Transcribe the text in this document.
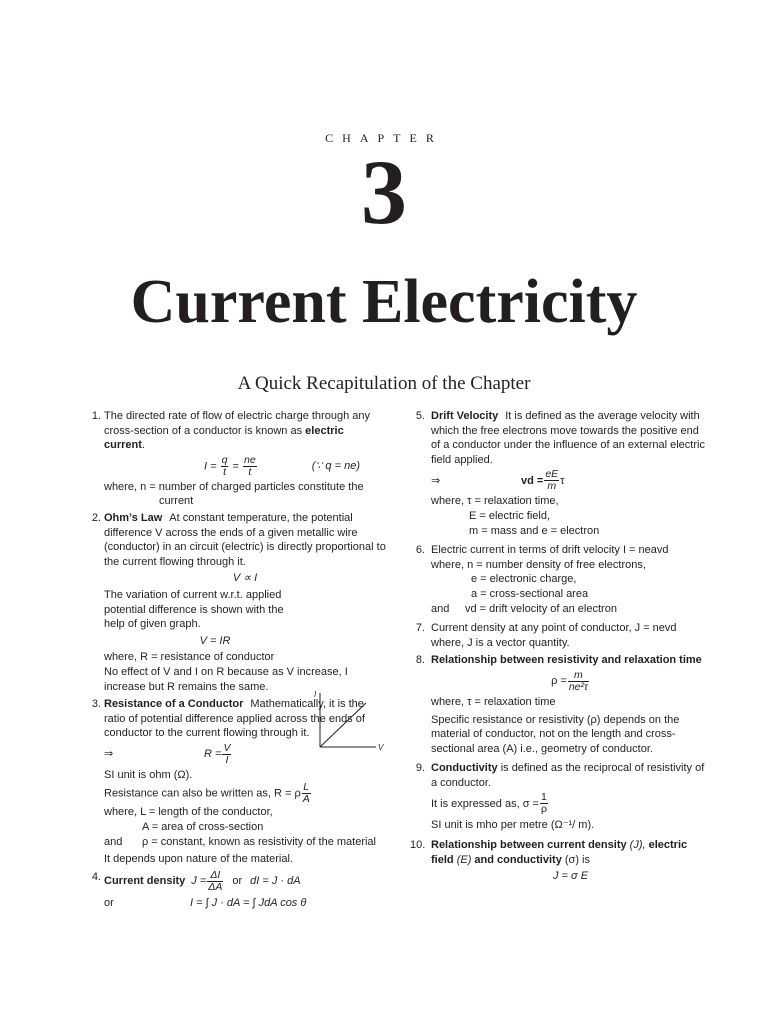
CHAPTER
3
Current Electricity
A Quick Recapitulation of the Chapter
1. The directed rate of flow of electric charge through any cross-section of a conductor is known as electric current.

$I = \frac{q}{t} = \frac{ne}{t}$	(∵ q = ne)

where, n = number of charged particles constitute the

current

2. Ohm’s Law At constant temperature, the potential difference V across the ends of a given metallic wire (conductor) in an circuit (electric) is directly proportional to the current flowing through it.

V ∝ I

The variation of current w.r.t. applied potential difference is shown with the help of given graph.

I
V
V = IR

where, R = resistance of conductor

No effect of V and I on R because as V increase, I increase but R remains the same.

3. Resistance of a Conductor Mathematically, it is the ratio of potential difference applied across the ends of conductor to the current flowing through it.

⇒	$R = \frac{V}{I}$

SI unit is ohm (Ω).

Resistance can also be written as, R = ρ $\frac{L}{A}$

where, L = length of the conductor,

A = area of cross-section

and	ρ = constant, known as resistivity of the material

It depends upon nature of the material.

4. Current density $J = \frac{\Delta I}{\Delta A}$ or dI = J · dA
or	I = ∫ J · dA = ∫ JdA cos θ
5. Drift Velocity It is defined as the average velocity with which the free electrons move towards the positive end of a conductor under the influence of an external electric field applied.

⇒	vd = $\frac{eE}{m}$ τ

where, τ = relaxation time,

E = electric field,

m = mass and e = electron

6. Electric current in terms of drift velocity I = neavd

where, n = number density of free electrons,

e = electronic charge,

a = cross-sectional area

and	vd = drift velocity of an electron

7. Current density at any point of conductor, J = nevd

where, J is a vector quantity.

8. Relationship between resistivity and relaxation time

$\rho = \frac{m}{\text{ne²τ}}$

where, τ = relaxation time

Specific resistance or resistivity (ρ) depends on the material of conductor, not on the length and cross-sectional area (A) i.e., geometry of conductor.

9. Conductivity is defined as the reciprocal of resistivity of a conductor.

It is expressed as, $\sigma = \frac{1}{\rho}$

SI unit is mho per metre (Ω⁻¹/ m).

10. Relationship between current density (J), electric field (E) and conductivity (σ) is

J = σ E
